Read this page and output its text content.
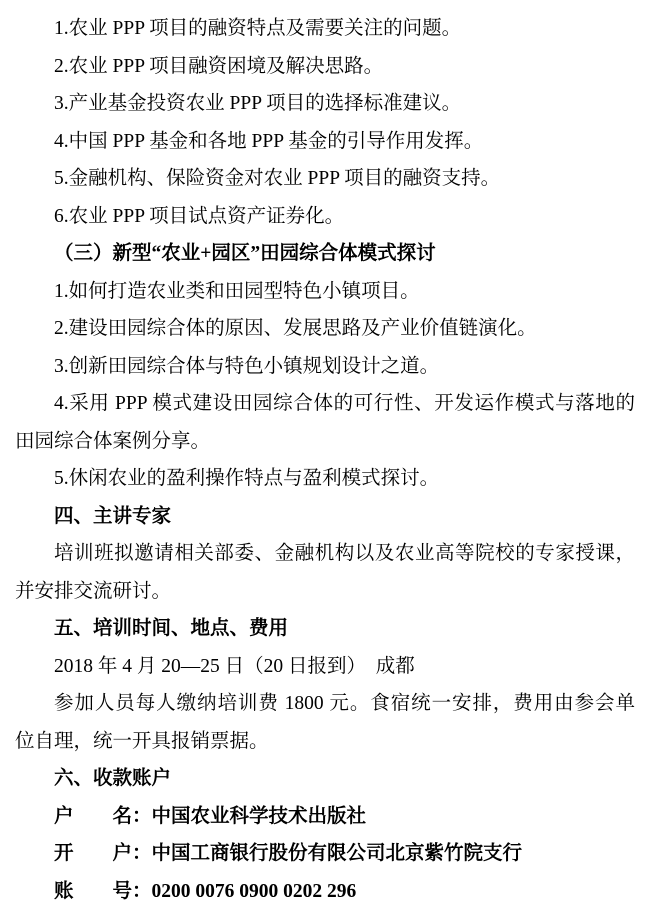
1.农业 PPP 项目的融资特点及需要关注的问题。
2.农业 PPP 项目融资困境及解决思路。
3.产业基金投资农业 PPP 项目的选择标准建议。
4.中国 PPP 基金和各地 PPP 基金的引导作用发挥。
5.金融机构、保险资金对农业 PPP 项目的融资支持。
6.农业 PPP 项目试点资产证券化。
（三）新型“农业+园区”田园综合体模式探讨
1.如何打造农业类和田园型特色小镇项目。
2.建设田园综合体的原因、发展思路及产业价值链演化。
3.创新田园综合体与特色小镇规划设计之道。
4.采用 PPP 模式建设田园综合体的可行性、开发运作模式与落地的
田园综合体案例分享。
5.休闲农业的盈利操作特点与盈利模式探讨。
四、主讲专家
培训班拟邀请相关部委、金融机构以及农业高等院校的专家授课，
并安排交流研讨。
五、培训时间、地点、费用
2018 年 4 月 20—25 日（20 日报到）　成都
参加人员每人缴纳培训费 1800 元。食宿统一安排，费用由参会单
位自理，统一开具报销票据。
六、收款账户
户　　名：中国农业科学技术出版社
开　　户：中国工商银行股份有限公司北京紫竹院支行
账　　号：0200 0076 0900 0202 296
